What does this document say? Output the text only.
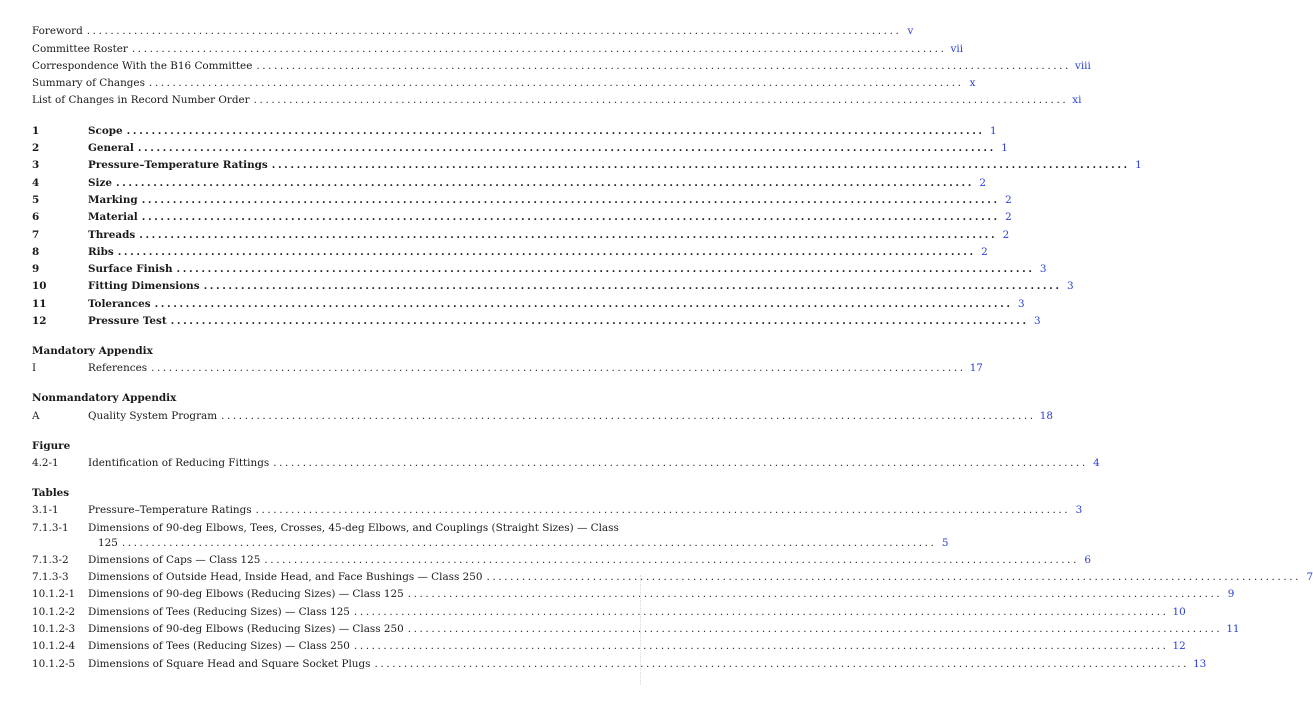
Foreword .......................................................................................................................................... v
Committee Roster .......................................................................................................................................... vii
Correspondence With the B16 Committee .......................................................................................................................................... viii
Summary of Changes .......................................................................................................................................... x
List of Changes in Record Number Order .......................................................................................................................................... xi
1	Scope .......................................................................................................................................... 1
2	General .......................................................................................................................................... 1
3	Pressure–Temperature Ratings .......................................................................................................................................... 1
4	Size .......................................................................................................................................... 2
5	Marking .......................................................................................................................................... 2
6	Material .......................................................................................................................................... 2
7	Threads .......................................................................................................................................... 2
8	Ribs .......................................................................................................................................... 2
9	Surface Finish .......................................................................................................................................... 3
10	Fitting Dimensions .......................................................................................................................................... 3
11	Tolerances .......................................................................................................................................... 3
12	Pressure Test .......................................................................................................................................... 3
Mandatory Appendix
I	References .......................................................................................................................................... 17
Nonmandatory Appendix
A	Quality System Program .......................................................................................................................................... 18
Figure
4.2-1	Identification of Reducing Fittings .......................................................................................................................................... 4
Tables
3.1-1	Pressure–Temperature Ratings .......................................................................................................................................... 3
7.1.3-1	Dimensions of 90-deg Elbows, Tees, Crosses, 45-deg Elbows, and Couplings (Straight Sizes) — Class
125 .......................................................................................................................................... 5
7.1.3-2	Dimensions of Caps — Class 125 .......................................................................................................................................... 6
7.1.3-3	Dimensions of Outside Head, Inside Head, and Face Bushings — Class 250 .......................................................................................................................................... 7
10.1.2-1	Dimensions of 90-deg Elbows (Reducing Sizes) — Class 125 .......................................................................................................................................... 9
10.1.2-2	Dimensions of Tees (Reducing Sizes) — Class 125 .......................................................................................................................................... 10
10.1.2-3	Dimensions of 90-deg Elbows (Reducing Sizes) — Class 250 .......................................................................................................................................... 11
10.1.2-4	Dimensions of Tees (Reducing Sizes) — Class 250 .......................................................................................................................................... 12
10.1.2-5	Dimensions of Square Head and Square Socket Plugs .......................................................................................................................................... 13
